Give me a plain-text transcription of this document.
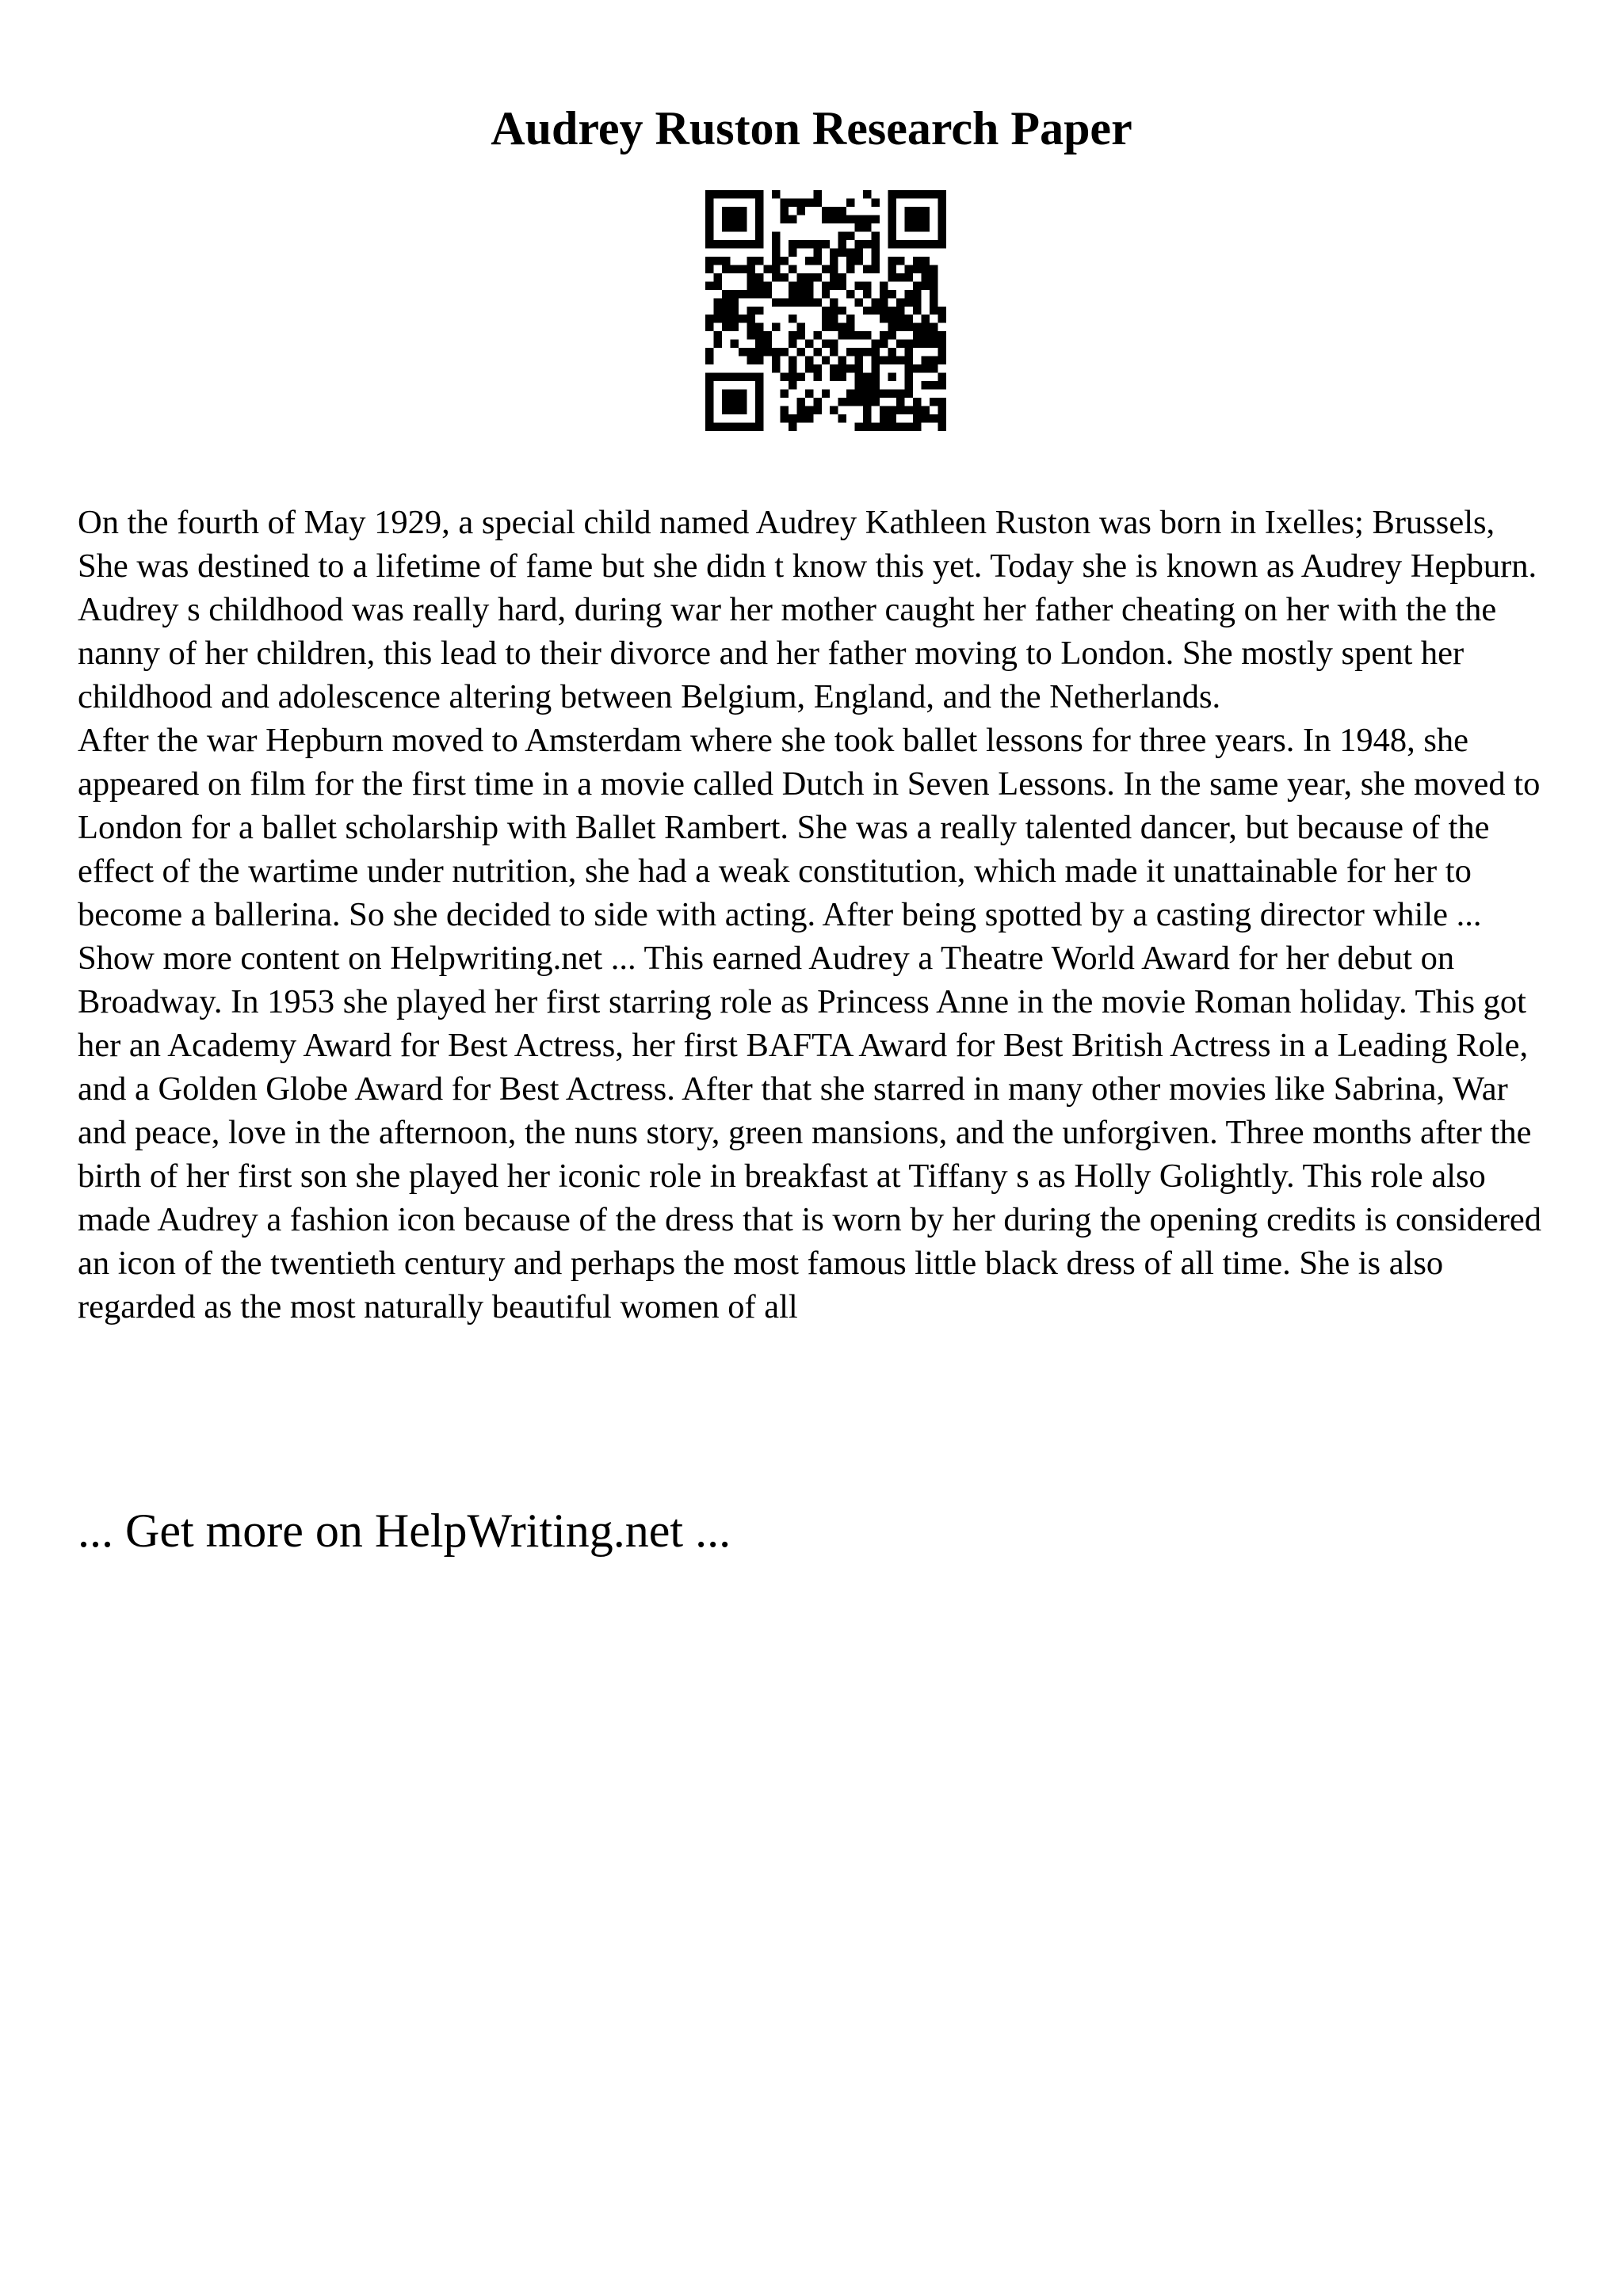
Audrey Ruston Research Paper

On the fourth of May 1929, a special child named Audrey Kathleen Ruston was born in Ixelles; Brussels, She was destined to a lifetime of fame but she didn t know this yet. Today she is known as Audrey Hepburn. Audrey s childhood was really hard, during war her mother caught her father cheating on her with the the nanny of her children, this lead to their divorce and her father moving to London. She mostly spent her childhood and adolescence altering between Belgium, England, and the Netherlands.

After the war Hepburn moved to Amsterdam where she took ballet lessons for three years. In 1948, she appeared on film for the first time in a movie called Dutch in Seven Lessons. In the same year, she moved to London for a ballet scholarship with Ballet Rambert. She was a really talented dancer, but because of the effect of the wartime under nutrition, she had a weak constitution, which made it unattainable for her to become a ballerina. So she decided to side with acting. After being spotted by a casting director while ... Show more content on Helpwriting.net ... This earned Audrey a Theatre World Award for her debut on Broadway. In 1953 she played her first starring role as Princess Anne in the movie Roman holiday. This got her an Academy Award for Best Actress, her first BAFTA Award for Best British Actress in a Leading Role, and a Golden Globe Award for Best Actress. After that she starred in many other movies like Sabrina, War and peace, love in the afternoon, the nuns story, green mansions, and the unforgiven. Three months after the birth of her first son she played her iconic role in breakfast at Tiffany s as Holly Golightly. This role also made Audrey a fashion icon because of the dress that is worn by her during the opening credits is considered an icon of the twentieth century and perhaps the most famous little black dress of all time. She is also regarded as the most naturally beautiful women of all

... Get more on HelpWriting.net ...
